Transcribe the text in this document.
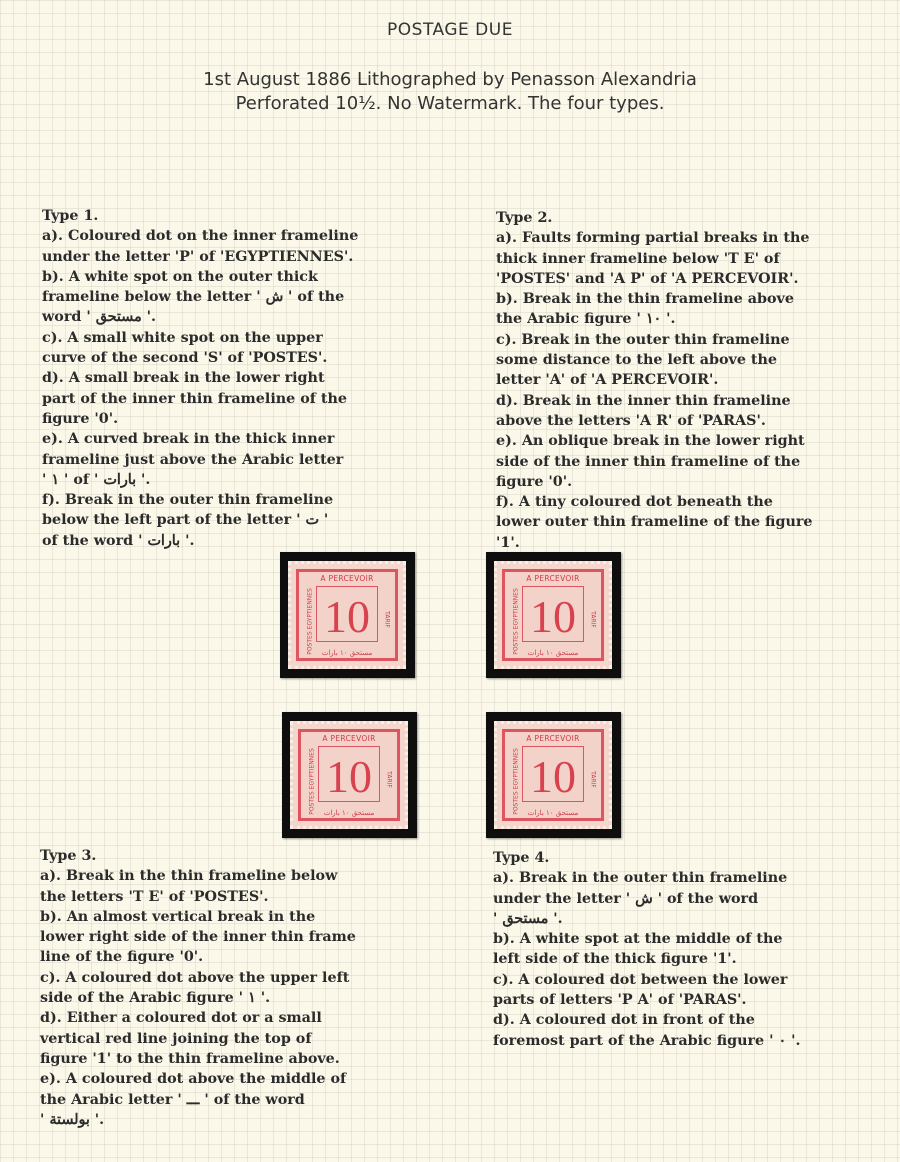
POSTAGE DUE
1st August 1886 Lithographed by Penasson Alexandria
Perforated 10½. No Watermark. The four types.
Type 1.
a). Coloured dot on the inner frameline
under the letter 'P' of 'EGYPTIENNES'.
b). A white spot on the outer thick
frameline below the letter ' ش ' of the
word ' مستحق '.
c). A small white spot on the upper
curve of the second 'S' of 'POSTES'.
d). A small break in the lower right
part of the inner thin frameline of the
figure '0'.
e). A curved break in the thick inner
frameline just above the Arabic letter
' ١ ' of ' بارات '.
f). Break in the outer thin frameline
below the left part of the letter ' ت '
of the word ' بارات '.
Type 2.
a). Faults forming partial breaks in the
thick inner frameline below 'T E' of
'POSTES' and 'A P' of 'A PERCEVOIR'.
b). Break in the thin frameline above
the Arabic figure ' ١٠ '.
c). Break in the outer thin frameline
some distance to the left above the
letter 'A' of 'A PERCEVOIR'.
d). Break in the inner thin frameline
above the letters 'A R' of 'PARAS'.
e). An oblique break in the lower right
side of the inner thin frameline of the
figure '0'.
f). A tiny coloured dot beneath the
lower outer thin frameline of the figure
'1'.
Type 3.
a). Break in the thin frameline below
the letters 'T E' of 'POSTES'.
b). An almost vertical break in the
lower right side of the inner thin frame
line of the figure '0'.
c). A coloured dot above the upper left
side of the Arabic figure ' ١ '.
d). Either a coloured dot or a small
vertical red line joining the top of
figure '1' to the thin frameline above.
e). A coloured dot above the middle of
the Arabic letter ' ـــ ' of the word
' بولستة '.
Type 4.
a). Break in the outer thin frameline
under the letter ' ش ' of the word
' مستحق '.
b). A white spot at the middle of the
left side of the thick figure '1'.
c). A coloured dot between the lower
parts of letters 'P A' of 'PARAS'.
d). A coloured dot in front of the
foremost part of the Arabic figure ' ٠ '.
A PERCEVOIR
POSTES EGYPTIENNES	TARIF
10
مستحق ١٠ بارات
A PERCEVOIR
POSTES EGYPTIENNES	TARIF
10
مستحق ١٠ بارات
A PERCEVOIR
POSTES EGYPTIENNES	TARIF
10
مستحق ١٠ بارات
A PERCEVOIR
POSTES EGYPTIENNES	TARIF
10
مستحق ١٠ بارات
